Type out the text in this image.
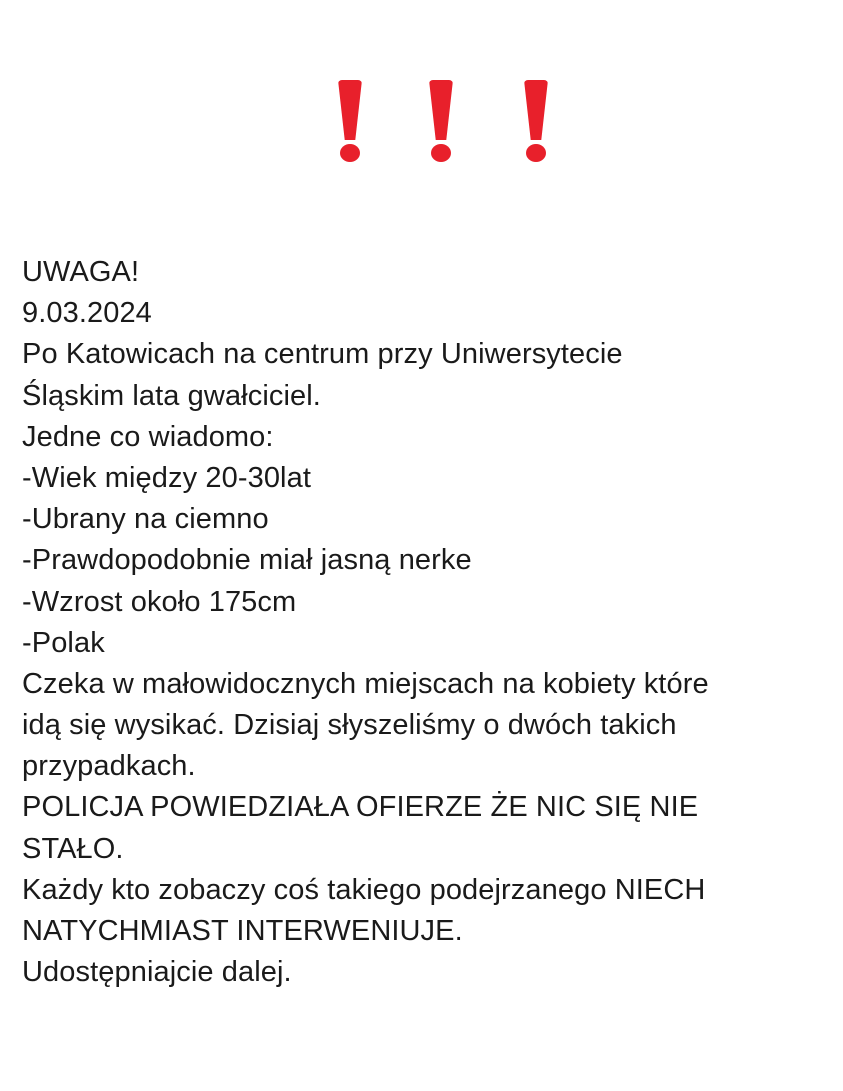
UWAGA!
9.03.2024
Po Katowicach na centrum przy Uniwersytecie
Śląskim lata gwałciciel.
Jedne co wiadomo:
-Wiek między 20-30lat
-Ubrany na ciemno
-Prawdopodobnie miał jasną nerke
-Wzrost około 175cm
-Polak
Czeka w małowidocznych miejscach na kobiety które
idą się wysikać. Dzisiaj słyszeliśmy o dwóch takich
przypadkach.
POLICJA POWIEDZIAŁA OFIERZE ŻE NIC SIĘ NIE
STAŁO.
Każdy kto zobaczy coś takiego podejrzanego NIECH
NATYCHMIAST INTERWENIUJE.
Udostępniajcie dalej.
